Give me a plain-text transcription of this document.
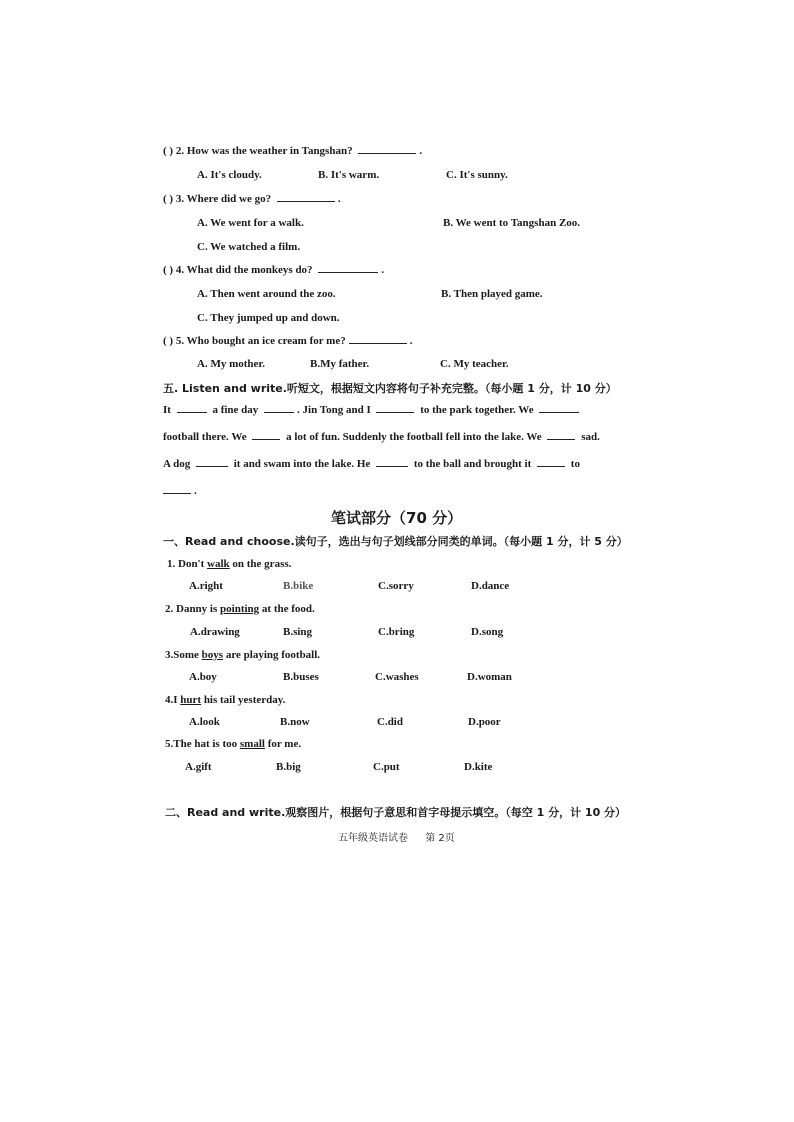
( ) 2. How was the weather in Tangshan?	.
A. It's cloudy.	B. It's warm.	C. It's sunny.
( ) 3. Where did we go?	.
A. We went for a walk.	B. We went to Tangshan Zoo.
C. We watched a film.
( ) 4. What did the monkeys do?	.
A. Then went around the zoo.	B. Then played game.
C. They jumped up and down.
( ) 5. Who bought an ice cream for me?	.
A. My mother.	B.My father.	C. My teacher.
五. Listen and write.听短文，根据短文内容将句子补充完整。（每小题 1 分，计 10 分）
It	a fine day	. Jin Tong and I	to the park together. We
football there. We	a lot of fun. Suddenly the football fell into the lake. We	sad.
A dog	it and swam into the lake. He	to the ball and brought it	to
.
笔试部分（70 分）
一、Read and choose.读句子，选出与句子划线部分同类的单词。（每小题 1 分，计 5 分）
1. Don't walk on the grass.
A.right	B.bike	C.sorry	D.dance
2. Danny is pointing at the food.
A.drawing	B.sing	C.bring	D.song
3.Some boys are playing football.
A.boy	B.buses	C.washes	D.woman
4.I hurt his tail yesterday.
A.look	B.now	C.did	D.poor
5.The hat is too small for me.
A.gift	B.big	C.put	D.kite
二、Read and write.观察图片，根据句子意思和首字母提示填空。（每空 1 分，计 10 分）
五年级英语试卷 第 2页
